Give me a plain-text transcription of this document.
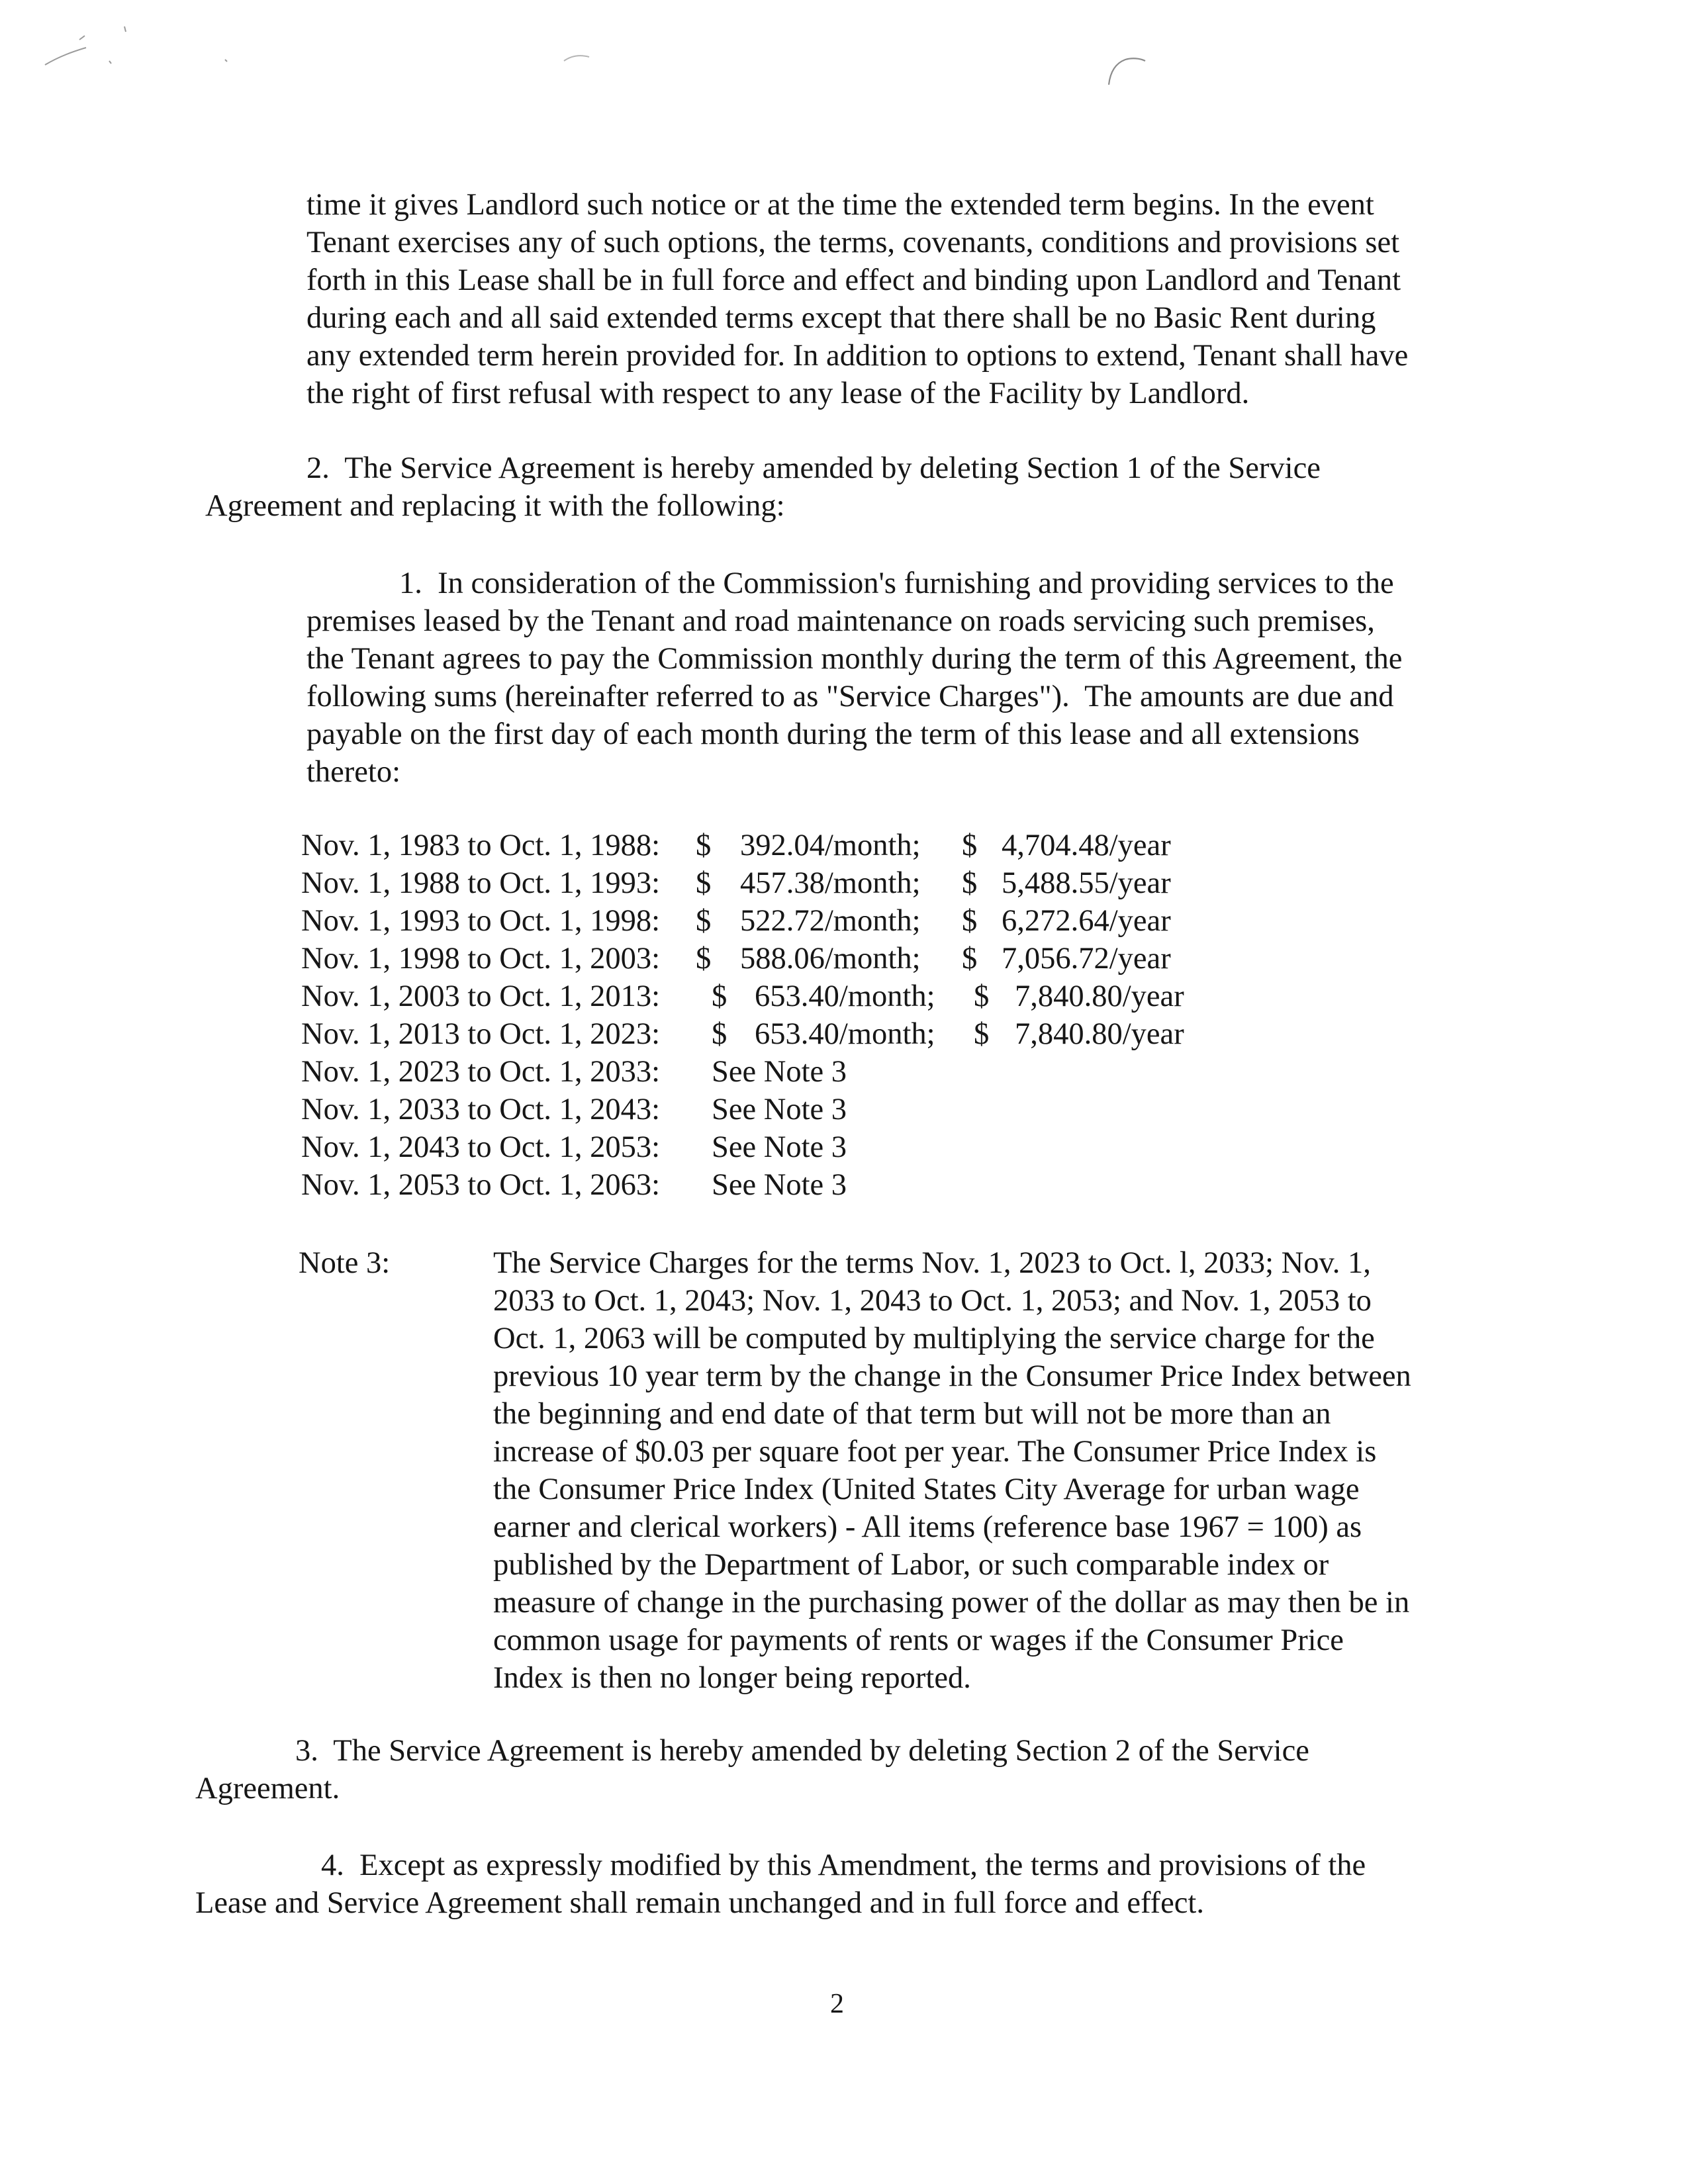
time it gives Landlord such notice or at the time the extended term begins. In the event
Tenant exercises any of such options, the terms, covenants, conditions and provisions set
forth in this Lease shall be in full force and effect and binding upon Landlord and Tenant
during each and all said extended terms except that there shall be no Basic Rent during
any extended term herein provided for. In addition to options to extend, Tenant shall have
the right of first refusal with respect to any lease of the Facility by Landlord.
2.  The Service Agreement is hereby amended by deleting Section 1 of the Service
Agreement and replacing it with the following:
1.  In consideration of the Commission's furnishing and providing services to the
premises leased by the Tenant and road maintenance on roads servicing such premises,
the Tenant agrees to pay the Commission monthly during the term of this Agreement, the
following sums (hereinafter referred to as "Service Charges").  The amounts are due and
payable on the first day of each month during the term of this lease and all extensions
thereto:
Nov. 1, 1983 to Oct. 1, 1988: $ 392.04/month; $ 4,704.48/year
Nov. 1, 1988 to Oct. 1, 1993: $ 457.38/month; $ 5,488.55/year
Nov. 1, 1993 to Oct. 1, 1998: $ 522.72/month; $ 6,272.64/year
Nov. 1, 1998 to Oct. 1, 2003: $ 588.06/month; $ 7,056.72/year
Nov. 1, 2003 to Oct. 1, 2013: $ 653.40/month; $ 7,840.80/year
Nov. 1, 2013 to Oct. 1, 2023: $ 653.40/month; $ 7,840.80/year
Nov. 1, 2023 to Oct. 1, 2033: See Note 3
Nov. 1, 2033 to Oct. 1, 2043: See Note 3
Nov. 1, 2043 to Oct. 1, 2053: See Note 3
Nov. 1, 2053 to Oct. 1, 2063: See Note 3
Note 3:	The Service Charges for the terms Nov. 1, 2023 to Oct. l, 2033; Nov. 1,
2033 to Oct. 1, 2043; Nov. 1, 2043 to Oct. 1, 2053; and Nov. 1, 2053 to
Oct. 1, 2063 will be computed by multiplying the service charge for the
previous 10 year term by the change in the Consumer Price Index between
the beginning and end date of that term but will not be more than an
increase of $0.03 per square foot per year. The Consumer Price Index is
the Consumer Price Index (United States City Average for urban wage
earner and clerical workers) - All items (reference base 1967 = 100) as
published by the Department of Labor, or such comparable index or
measure of change in the purchasing power of the dollar as may then be in
common usage for payments of rents or wages if the Consumer Price
Index is then no longer being reported.
3.  The Service Agreement is hereby amended by deleting Section 2 of the Service
Agreement.
4.  Except as expressly modified by this Amendment, the terms and provisions of the
Lease and Service Agreement shall remain unchanged and in full force and effect.
2
